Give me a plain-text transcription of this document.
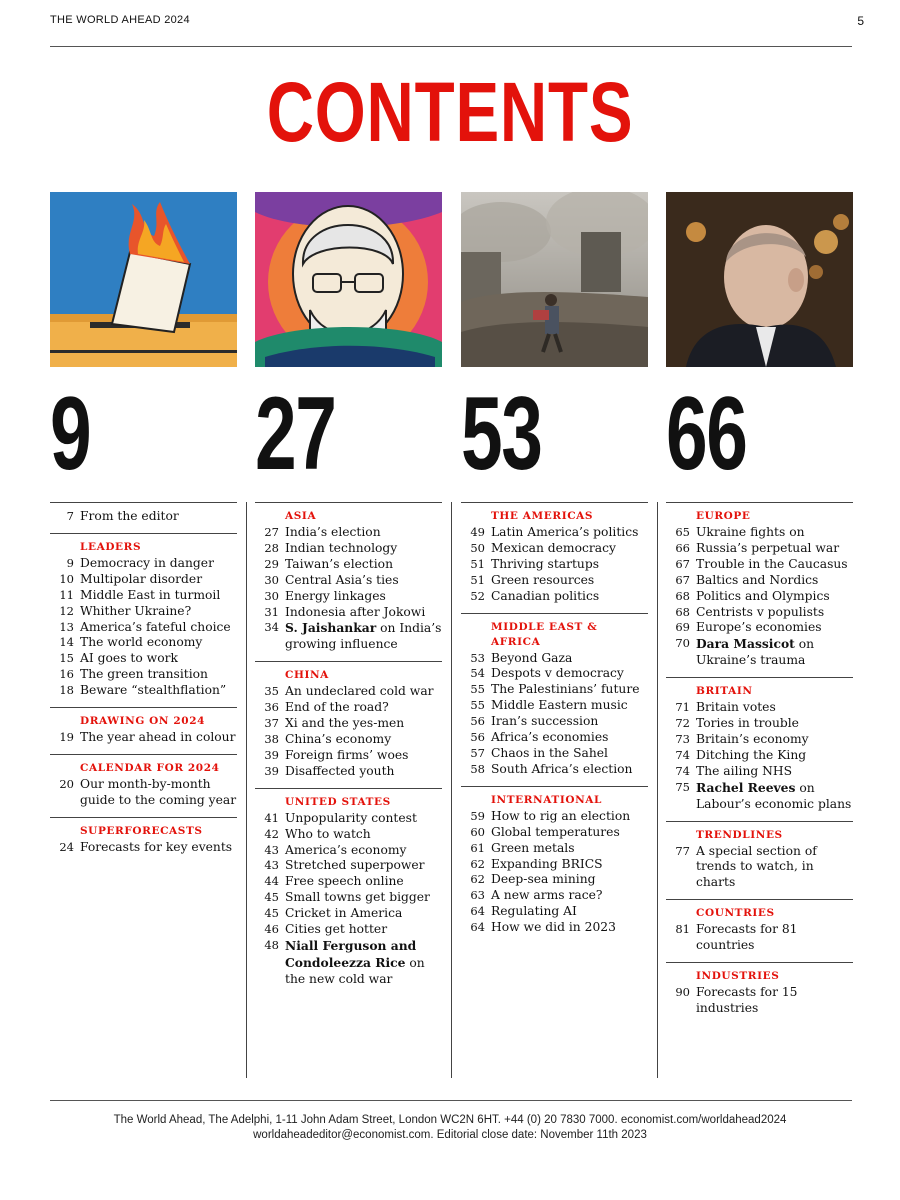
THE WORLD AHEAD 2024	5
CONTENTS
9 27 53 66
7 From the editor
LEADERS
9 Democracy in danger
10 Multipolar disorder
11 Middle East in turmoil
12 Whither Ukraine?
13 America’s fateful choice
14 The world economy
15 AI goes to work
16 The green transition
18 Beware “stealthflation”
DRAWING ON 2024
19 The year ahead in colour
CALENDAR FOR 2024
20 Our month-by-month guide to the coming year
SUPERFORECASTS
24 Forecasts for key events
ASIA
27 India’s election
28 Indian technology
29 Taiwan’s election
30 Central Asia’s ties
30 Energy linkages
31 Indonesia after Jokowi
34 S. Jaishankar on India’s growing influence
CHINA
35 An undeclared cold war
36 End of the road?
37 Xi and the yes-men
38 China’s economy
39 Foreign firms’ woes
39 Disaffected youth
UNITED STATES
41 Unpopularity contest
42 Who to watch
43 America’s economy
43 Stretched superpower
44 Free speech online
45 Small towns get bigger
45 Cricket in America
46 Cities get hotter
48 Niall Ferguson and Condoleezza Rice on the new cold war
THE AMERICAS
49 Latin America’s politics
50 Mexican democracy
51 Thriving startups
51 Green resources
52 Canadian politics
MIDDLE EAST & AFRICA
53 Beyond Gaza
54 Despots v democracy
55 The Palestinians’ future
55 Middle Eastern music
56 Iran’s succession
56 Africa’s economies
57 Chaos in the Sahel
58 South Africa’s election
INTERNATIONAL
59 How to rig an election
60 Global temperatures
61 Green metals
62 Expanding BRICS
62 Deep-sea mining
63 A new arms race?
64 Regulating AI
64 How we did in 2023
EUROPE
65 Ukraine fights on
66 Russia’s perpetual war
67 Trouble in the Caucasus
67 Baltics and Nordics
68 Politics and Olympics
68 Centrists v populists
69 Europe’s economies
70 Dara Massicot on Ukraine’s trauma
BRITAIN
71 Britain votes
72 Tories in trouble
73 Britain’s economy
74 Ditching the King
74 The ailing NHS
75 Rachel Reeves on Labour’s economic plans
TRENDLINES
77 A special section of trends to watch, in charts
COUNTRIES
81 Forecasts for 81 countries
INDUSTRIES
90 Forecasts for 15 industries
The World Ahead, The Adelphi, 1-11 John Adam Street, London WC2N 6HT. +44 (0) 20 7830 7000. economist.com/worldahead2024
worldaheadeditor@economist.com. Editorial close date: November 11th 2023
